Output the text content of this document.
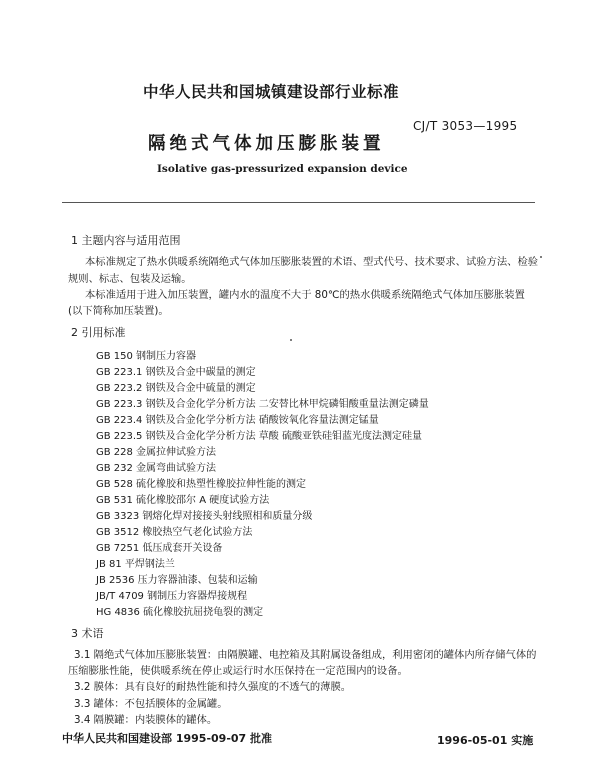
中华人民共和国城镇建设部行业标准
CJ/T 3053—1995
隔绝式气体加压膨胀装置
Isolative gas-pressurized expansion device
1 主题内容与适用范围
本标准规定了热水供暖系统隔绝式气体加压膨胀装置的术语、型式代号、技术要求、试验方法、检验
规则、标志、包装及运输。
本标准适用于进入加压装置，罐内水的温度不大于 80℃的热水供暖系统隔绝式气体加压膨胀装置
(以下简称加压装置)。
2 引用标准
GB 150 钢制压力容器
GB 223.1 钢铁及合金中碳量的测定
GB 223.2 钢铁及合金中硫量的测定
GB 223.3 钢铁及合金化学分析方法 二安替比林甲烷磷钼酸重量法测定磷量
GB 223.4 钢铁及合金化学分析方法 硝酸铵氧化容量法测定锰量
GB 223.5 钢铁及合金化学分析方法 草酸 硫酸亚铁硅钼蓝光度法测定硅量
GB 228 金属拉伸试验方法
GB 232 金属弯曲试验方法
GB 528 硫化橡胶和热塑性橡胶拉伸性能的测定
GB 531 硫化橡胶邵尔 A 硬度试验方法
GB 3323 钢熔化焊对接接头射线照相和质量分级
GB 3512 橡胶热空气老化试验方法
GB 7251 低压成套开关设备
JB 81 平焊钢法兰
JB 2536 压力容器油漆、包装和运输
JB/T 4709 钢制压力容器焊接规程
HG 4836 硫化橡胶抗屈挠龟裂的测定
3 术语
3.1 隔绝式气体加压膨胀装置：由隔膜罐、电控箱及其附属设备组成，利用密闭的罐体内所存储气体的
压缩膨胀性能，使供暖系统在停止或运行时水压保持在一定范围内的设备。
3.2 膜体：具有良好的耐热性能和持久强度的不透气的薄膜。
3.3 罐体：不包括膜体的金属罐。
3.4 隔膜罐：内装膜体的罐体。
中华人民共和国建设部 1995-09-07 批准	1996-05-01 实施
